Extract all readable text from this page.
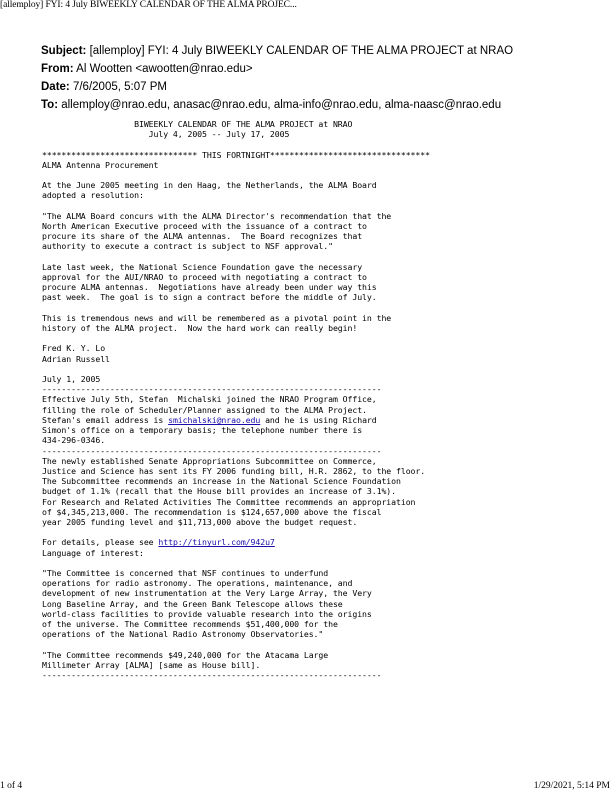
[allemploy] FYI: 4 July BIWEEKLY CALENDAR OF THE ALMA PROJEC...
Subject: [allemploy] FYI: 4 July BIWEEKLY CALENDAR OF THE ALMA PROJECT at NRAO
From: Al Wootten <awootten@nrao.edu>
Date: 7/6/2005, 5:07 PM
To: allemploy@nrao.edu, anasac@nrao.edu, alma-info@nrao.edu, alma-naasc@nrao.edu
BIWEEKLY CALENDAR OF THE ALMA PROJECT at NRAO
July 4, 2005 -- July 17, 2005

******************************** THIS FORTNIGHT*********************************
ALMA Antenna Procurement

At the June 2005 meeting in den Haag, the Netherlands, the ALMA Board
adopted a resolution:

"The ALMA Board concurs with the ALMA Director's recommendation that the
North American Executive proceed with the issuance of a contract to
procure its share of the ALMA antennas.  The Board recognizes that
authority to execute a contract is subject to NSF approval."

Late last week, the National Science Foundation gave the necessary
approval for the AUI/NRAO to proceed with negotiating a contract to
procure ALMA antennas.  Negotiations have already been under way this
past week.  The goal is to sign a contract before the middle of July.

This is tremendous news and will be remembered as a pivotal point in the
history of the ALMA project.  Now the hard work can really begin!

Fred K. Y. Lo
Adrian Russell

July 1, 2005
----------------------------------------------------------------------
Effective July 5th, Stefan  Michalski joined the NRAO Program Office,
filling the role of Scheduler/Planner assigned to the ALMA Project.
Stefan's email address is smichalski@nrao.edu and he is using Richard
Simon's office on a temporary basis; the telephone number there is
434-296-0346.
----------------------------------------------------------------------
The newly established Senate Appropriations Subcommittee on Commerce,
Justice and Science has sent its FY 2006 funding bill, H.R. 2862, to the floor.
The Subcommittee recommends an increase in the National Science Foundation
budget of 1.1% (recall that the House bill provides an increase of 3.1%).
For Research and Related Activities The Committee recommends an appropriation
of $4,345,213,000. The recommendation is $124,657,000 above the fiscal
year 2005 funding level and $11,713,000 above the budget request.

For details, please see http://tinyurl.com/942u7
Language of interest:

"The Committee is concerned that NSF continues to underfund
operations for radio astronomy. The operations, maintenance, and
development of new instrumentation at the Very Large Array, the Very
Long Baseline Array, and the Green Bank Telescope allows these
world-class facilities to provide valuable research into the origins
of the universe. The Committee recommends $51,400,000 for the
operations of the National Radio Astronomy Observatories."

"The Committee recommends $49,240,000 for the Atacama Large
Millimeter Array [ALMA] [same as House bill].
----------------------------------------------------------------------
1 of 4	1/29/2021, 5:14 PM
